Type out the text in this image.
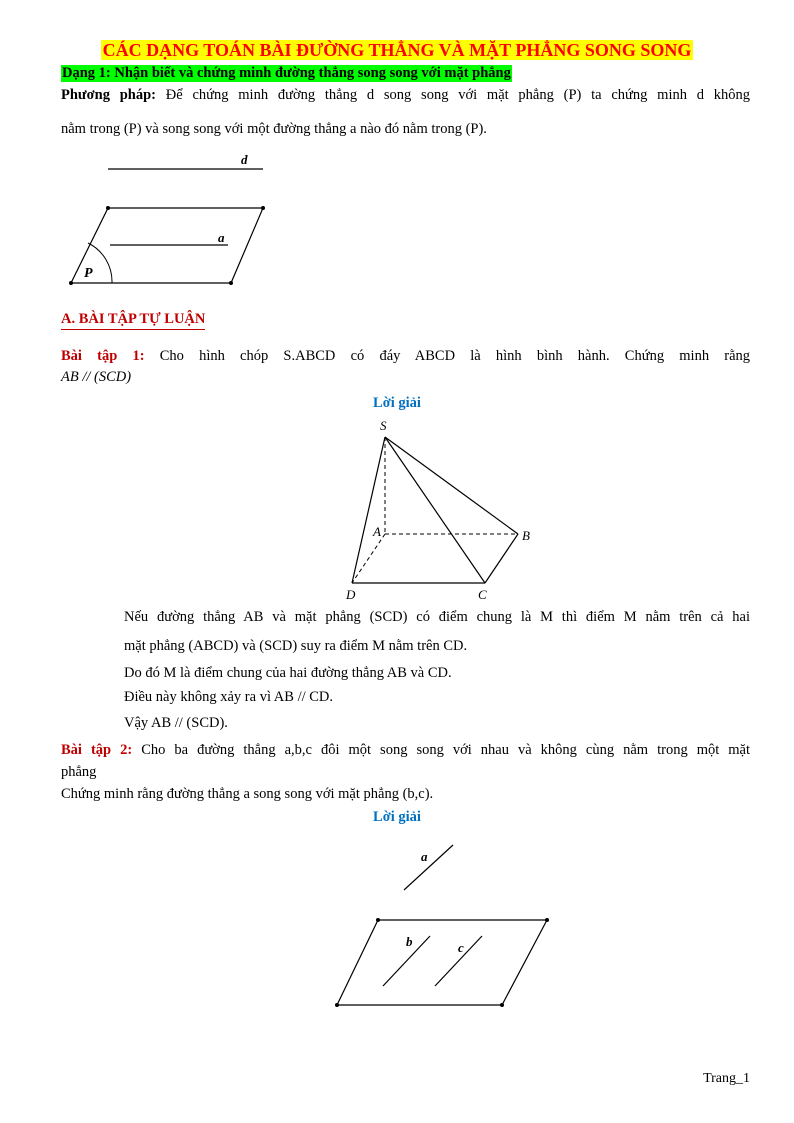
CÁC DẠNG TOÁN BÀI ĐƯỜNG THẲNG VÀ MẶT PHẲNG SONG SONG
Dạng 1: Nhận biết và chứng minh đường thẳng song song với mặt phẳng
Phương pháp: Để chứng minh đường thẳng d song song với mặt phẳng (P) ta chứng minh d không
nằm trong (P) và song song với một đường thẳng a nào đó nằm trong (P).
d
a
P
A. BÀI TẬP TỰ LUẬN
Bài tập 1: Cho hình chóp S.ABCD có đáy ABCD là hình bình hành. Chứng minh rằng
AB // (SCD)
Lời giải
S
A	B
C
D
Nếu đường thẳng AB và mặt phẳng (SCD) có điểm chung là M thì điểm M nằm trên cả hai
mặt phẳng (ABCD) và (SCD) suy ra điểm M nằm trên CD.
Do đó M là điểm chung của hai đường thẳng AB và CD.
Điều này không xảy ra vì AB // CD.
Vậy AB // (SCD).
Bài tập 2: Cho ba đường thẳng a,b,c đôi một song song với nhau và không cùng nằm trong một mặt
phẳng
Chứng minh rằng đường thẳng a song song với mặt phẳng (b,c).
Lời giải
a
b	c
Trang_1
